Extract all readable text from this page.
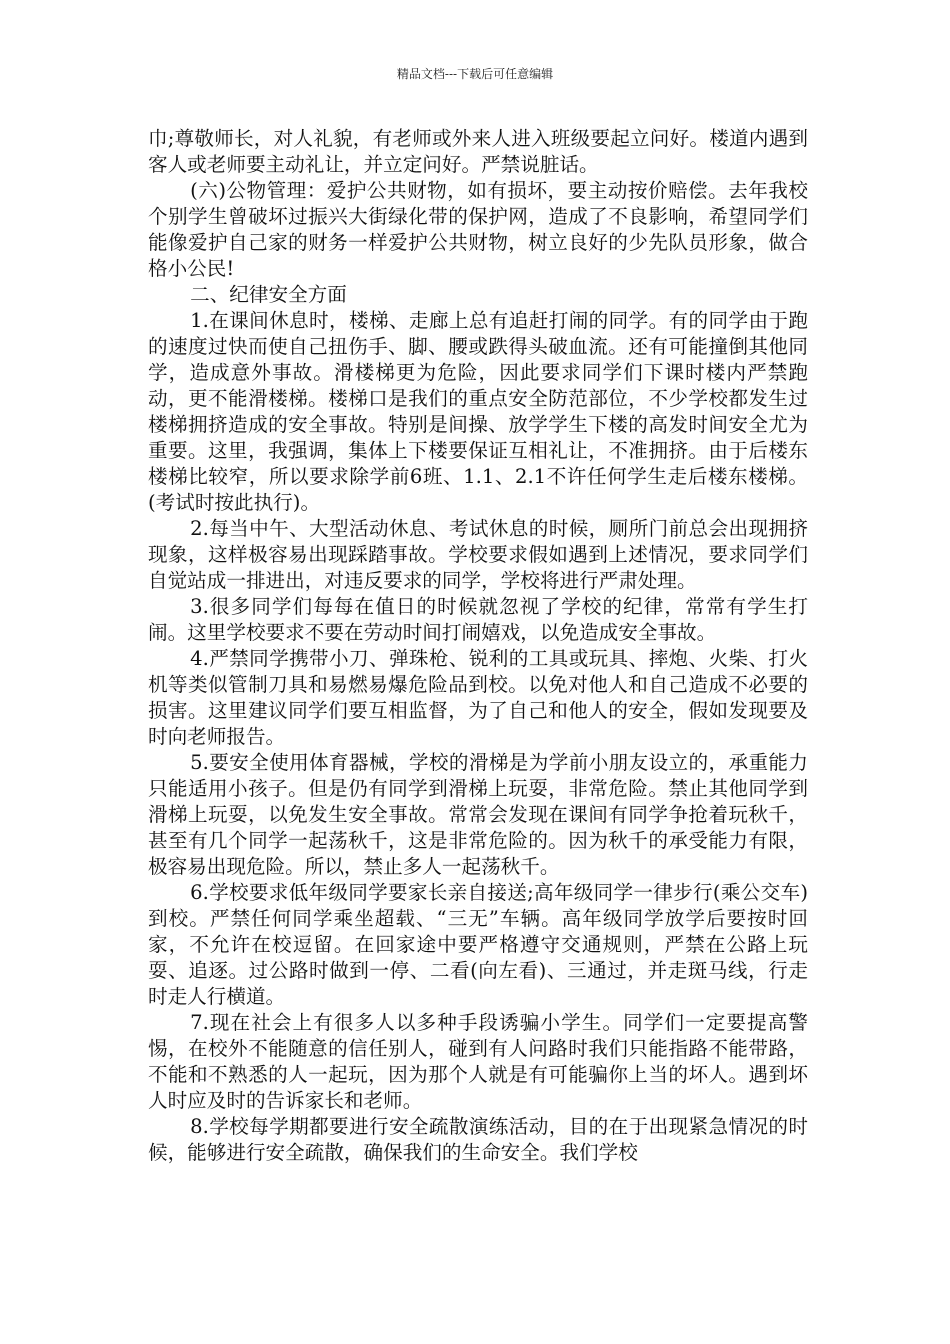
精品文档---下载后可任意编辑

巾;尊敬师长，对人礼貌，有老师或外来人进入班级要起立问好。楼道内遇到客人或老师要主动礼让，并立定问好。严禁说脏话。

(六)公物管理：爱护公共财物，如有损坏，要主动按价赔偿。去年我校个别学生曾破坏过振兴大街绿化带的保护网，造成了不良影响，希望同学们能像爱护自己家的财务一样爱护公共财物，树立良好的少先队员形象，做合格小公民!

二、纪律安全方面

1.在课间休息时，楼梯、走廊上总有追赶打闹的同学。有的同学由于跑的速度过快而使自己扭伤手、脚、腰或跌得头破血流。还有可能撞倒其他同学，造成意外事故。滑楼梯更为危险，因此要求同学们下课时楼内严禁跑动，更不能滑楼梯。楼梯口是我们的重点安全防范部位，不少学校都发生过楼梯拥挤造成的安全事故。特别是间操、放学学生下楼的高发时间安全尤为重要。这里，我强调，集体上下楼要保证互相礼让，不准拥挤。由于后楼东楼梯比较窄，所以要求除学前6班、1.1、2.1不许任何学生走后楼东楼梯。(考试时按此执行)。

2.每当中午、大型活动休息、考试休息的时候，厕所门前总会出现拥挤现象，这样极容易出现踩踏事故。学校要求假如遇到上述情况，要求同学们自觉站成一排进出，对违反要求的同学，学校将进行严肃处理。

3.很多同学们每每在值日的时候就忽视了学校的纪律，常常有学生打闹。这里学校要求不要在劳动时间打闹嬉戏，以免造成安全事故。

4.严禁同学携带小刀、弹珠枪、锐利的工具或玩具、摔炮、火柴、打火机等类似管制刀具和易燃易爆危险品到校。以免对他人和自己造成不必要的损害。这里建议同学们要互相监督，为了自己和他人的安全，假如发现要及时向老师报告。

5.要安全使用体育器械，学校的滑梯是为学前小朋友设立的，承重能力只能适用小孩子。但是仍有同学到滑梯上玩耍，非常危险。禁止其他同学到滑梯上玩耍，以免发生安全事故。常常会发现在课间有同学争抢着玩秋千，甚至有几个同学一起荡秋千，这是非常危险的。因为秋千的承受能力有限，极容易出现危险。所以，禁止多人一起荡秋千。

6.学校要求低年级同学要家长亲自接送;高年级同学一律步行(乘公交车)到校。严禁任何同学乘坐超载、“三无”车辆。高年级同学放学后要按时回家，不允许在校逗留。在回家途中要严格遵守交通规则，严禁在公路上玩耍、追逐。过公路时做到一停、二看(向左看)、三通过，并走斑马线，行走时走人行横道。

7.现在社会上有很多人以多种手段诱骗小学生。同学们一定要提高警惕，在校外不能随意的信任别人，碰到有人问路时我们只能指路不能带路，不能和不熟悉的人一起玩，因为那个人就是有可能骗你上当的坏人。遇到坏人时应及时的告诉家长和老师。

8.学校每学期都要进行安全疏散演练活动，目的在于出现紧急情况的时候，能够进行安全疏散，确保我们的生命安全。我们学校
